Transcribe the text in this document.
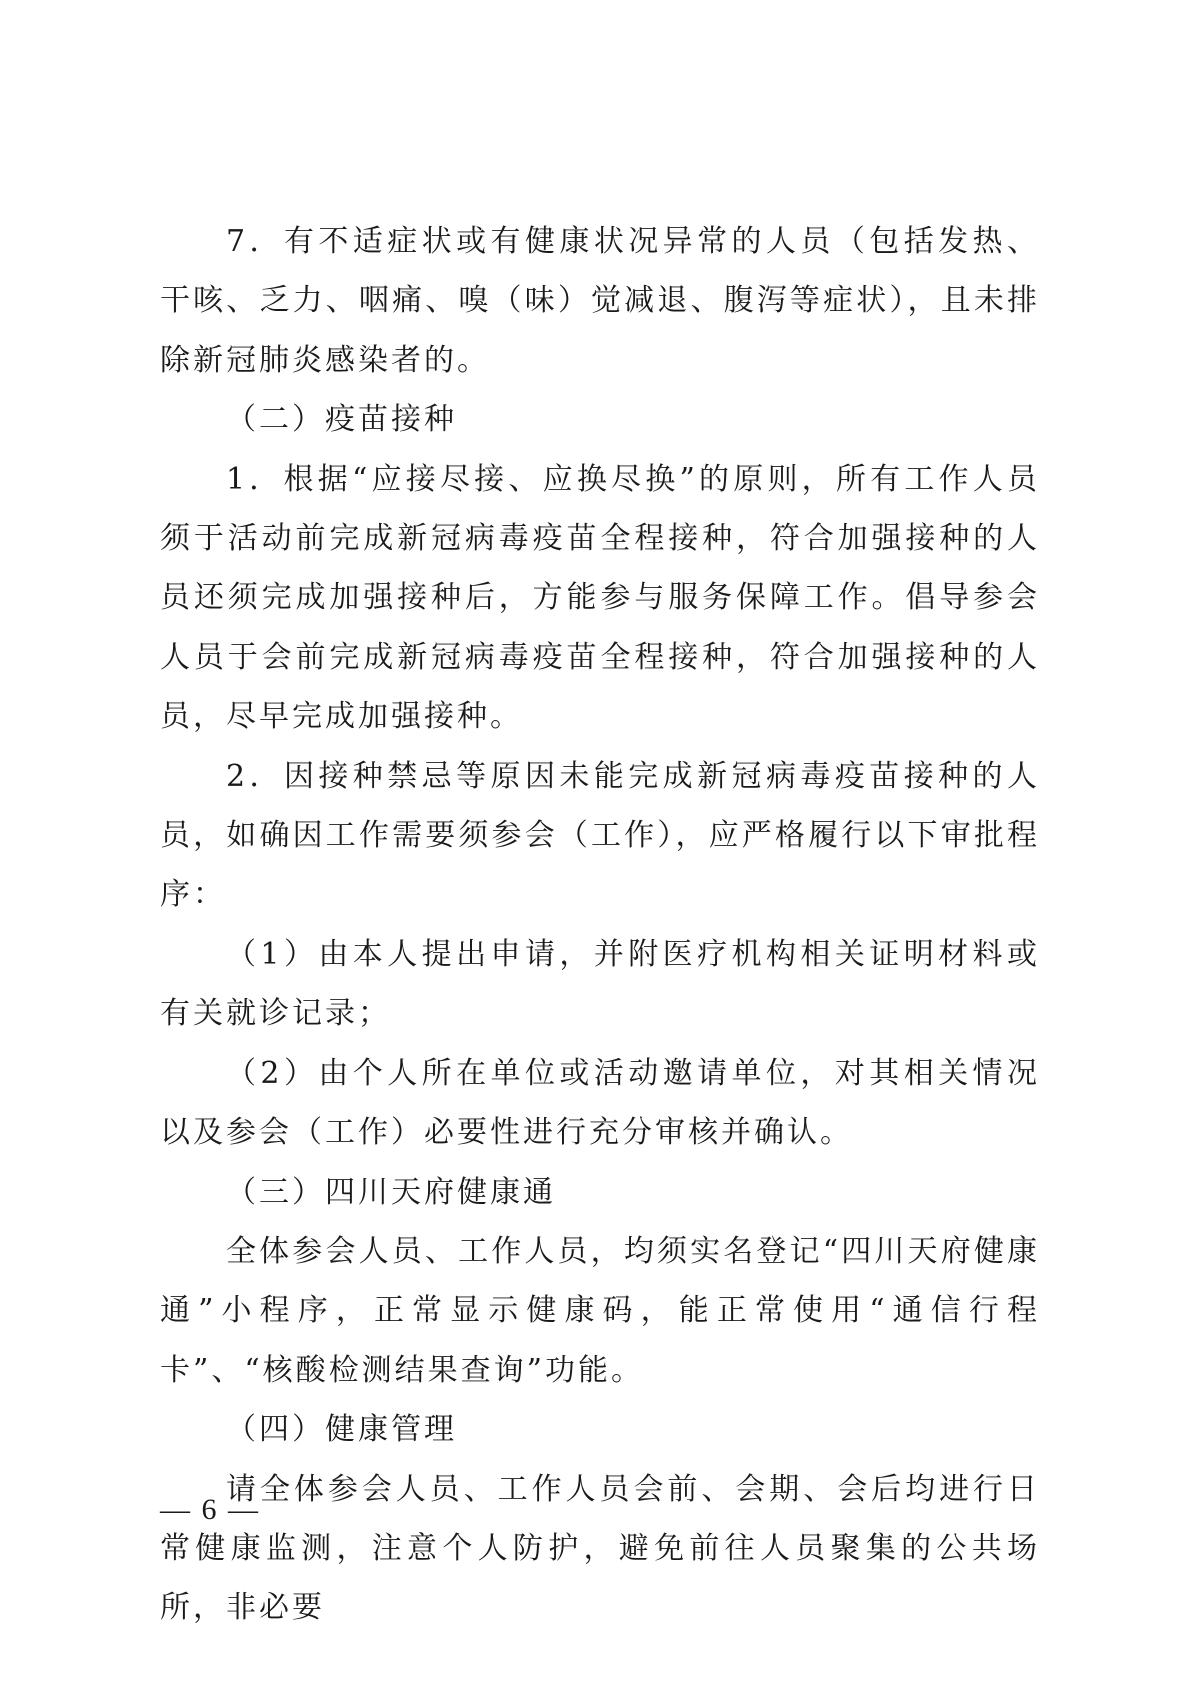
7．有不适症状或有健康状况异常的人员（包括发热、干咳、乏力、咽痛、嗅（味）觉减退、腹泻等症状），且未排除新冠肺炎感染者的。

（二）疫苗接种

1．根据“应接尽接、应换尽换”的原则，所有工作人员须于活动前完成新冠病毒疫苗全程接种，符合加强接种的人员还须完成加强接种后，方能参与服务保障工作。倡导参会人员于会前完成新冠病毒疫苗全程接种，符合加强接种的人员，尽早完成加强接种。

2．因接种禁忌等原因未能完成新冠病毒疫苗接种的人员，如确因工作需要须参会（工作），应严格履行以下审批程序：

（1）由本人提出申请，并附医疗机构相关证明材料或有关就诊记录；

（2）由个人所在单位或活动邀请单位，对其相关情况以及参会（工作）必要性进行充分审核并确认。

（三）四川天府健康通

全体参会人员、工作人员，均须实名登记“四川天府健康通”小程序，正常显示健康码，能正常使用“通信行程卡”、“核酸检测结果查询”功能。

（四）健康管理

请全体参会人员、工作人员会前、会期、会后均进行日常健康监测，注意个人防护，避免前往人员聚集的公共场所，非必要

— 6 —
